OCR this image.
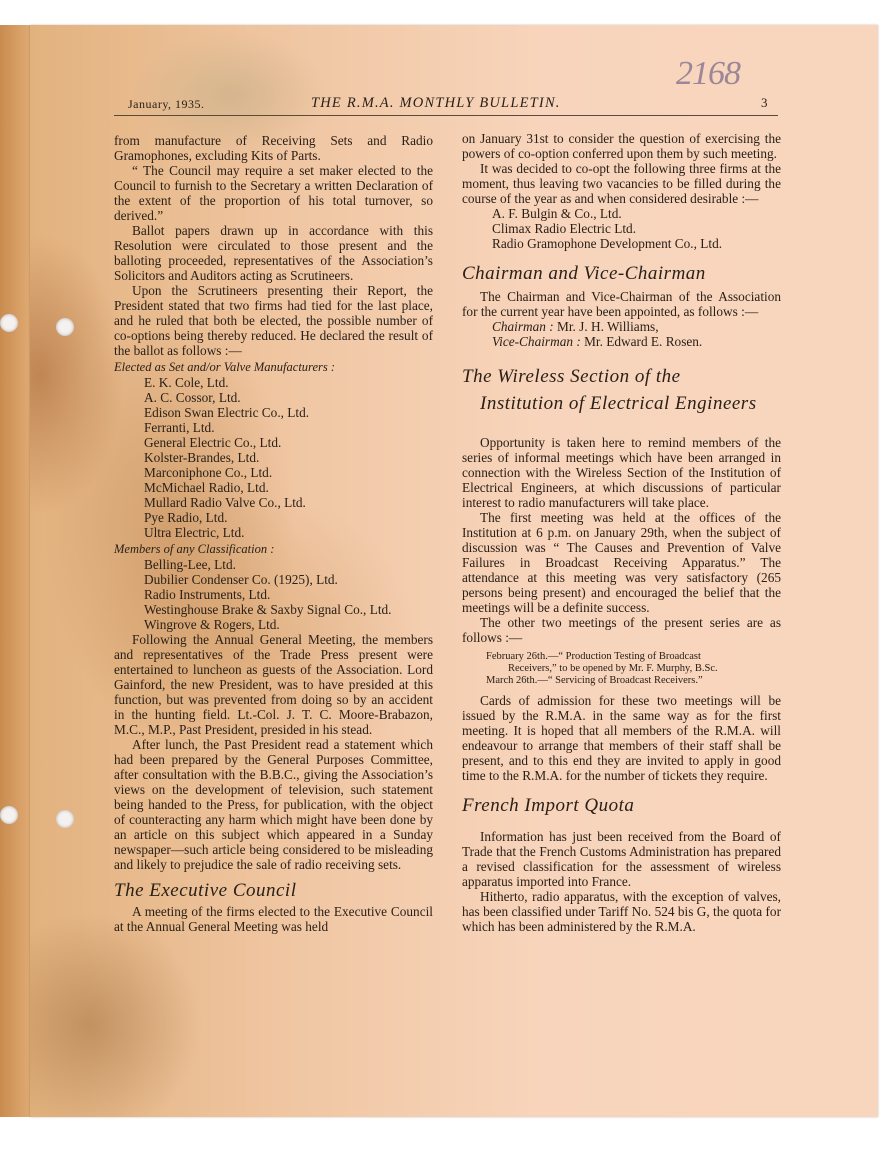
2168
January, 1935.	THE R.M.A. MONTHLY BULLETIN.	3

from manufacture of Receiving Sets and Radio Gramophones, excluding Kits of Parts.

“ The Council may require a set maker elected to the Council to furnish to the Secretary a written Declaration of the extent of the proportion of his total turnover, so derived.”

Ballot papers drawn up in accordance with this Resolution were circulated to those present and the balloting proceeded, representatives of the Association’s Solicitors and Auditors acting as Scrutineers.

Upon the Scrutineers presenting their Report, the President stated that two firms had tied for the last place, and he ruled that both be elected, the possible number of co-options being thereby reduced. He declared the result of the ballot as follows :—

Elected as Set and/or Valve Manufacturers :
E. K. Cole, Ltd.
A. C. Cossor, Ltd.
Edison Swan Electric Co., Ltd.
Ferranti, Ltd.
General Electric Co., Ltd.
Kolster-Brandes, Ltd.
Marconiphone Co., Ltd.
McMichael Radio, Ltd.
Mullard Radio Valve Co., Ltd.
Pye Radio, Ltd.
Ultra Electric, Ltd.
Members of any Classification :
Belling-Lee, Ltd.
Dubilier Condenser Co. (1925), Ltd.
Radio Instruments, Ltd.
Westinghouse Brake & Saxby Signal Co., Ltd.
Wingrove & Rogers, Ltd.

Following the Annual General Meeting, the members and representatives of the Trade Press present were entertained to luncheon as guests of the Association. Lord Gainford, the new President, was to have presided at this function, but was prevented from doing so by an accident in the hunting field. Lt.-Col. J. T. C. Moore-Brabazon, M.C., M.P., Past President, presided in his stead.

After lunch, the Past President read a statement which had been prepared by the General Purposes Committee, after consultation with the B.B.C., giving the Association’s views on the development of television, such statement being handed to the Press, for publication, with the object of counteracting any harm which might have been done by an article on this subject which appeared in a Sunday newspaper—such article being considered to be misleading and likely to prejudice the sale of radio receiving sets.

The Executive Council

A meeting of the firms elected to the Executive Council at the Annual General Meeting was held

on January 31st to consider the question of exercising the powers of co-option conferred upon them by such meeting.

It was decided to co-opt the following three firms at the moment, thus leaving two vacancies to be filled during the course of the year as and when considered desirable :—

A. F. Bulgin & Co., Ltd.
Climax Radio Electric Ltd.
Radio Gramophone Development Co., Ltd.
Chairman and Vice-Chairman

The Chairman and Vice-Chairman of the Association for the current year have been appointed, as follows :—

Chairman : Mr. J. H. Williams,
Vice-Chairman : Mr. Edward E. Rosen.
The Wireless Section of the
Institution of Electrical Engineers

Opportunity is taken here to remind members of the series of informal meetings which have been arranged in connection with the Wireless Section of the Institution of Electrical Engineers, at which discussions of particular interest to radio manufacturers will take place.

The first meeting was held at the offices of the Institution at 6 p.m. on January 29th, when the subject of discussion was “ The Causes and Prevention of Valve Failures in Broadcast Receiving Apparatus.” The attendance at this meeting was very satisfactory (265 persons being present) and encouraged the belief that the meetings will be a definite success.

The other two meetings of the present series are as follows :—

February 26th.—“ Production Testing of Broadcast
Receivers,” to be opened by Mr. F. Murphy, B.Sc.
March 26th.—“ Servicing of Broadcast Receivers.”

Cards of admission for these two meetings will be issued by the R.M.A. in the same way as for the first meeting. It is hoped that all members of the R.M.A. will endeavour to arrange that members of their staff shall be present, and to this end they are invited to apply in good time to the R.M.A. for the number of tickets they require.

French Import Quota

Information has just been received from the Board of Trade that the French Customs Administration has prepared a revised classification for the assessment of wireless apparatus imported into France.

Hitherto, radio apparatus, with the exception of valves, has been classified under Tariff No. 524 bis G, the quota for which has been administered by the R.M.A.
